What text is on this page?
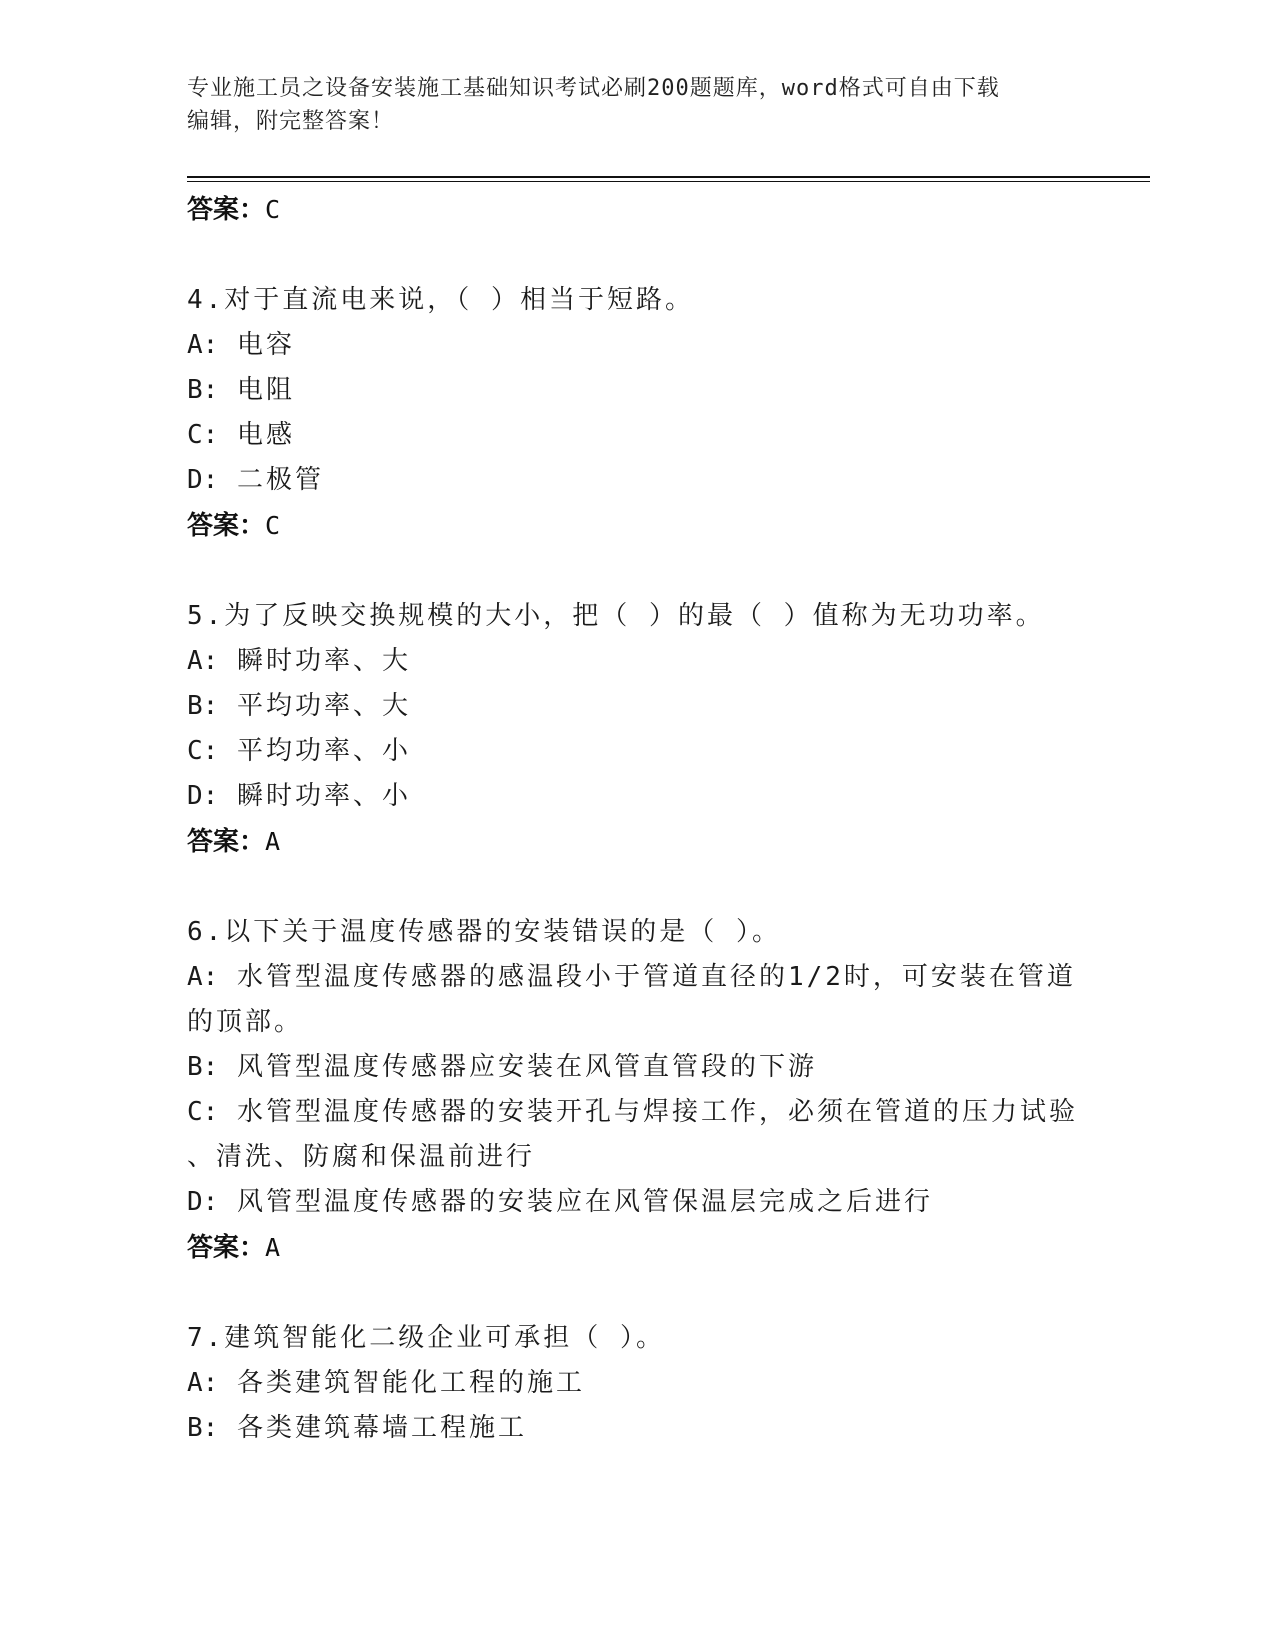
专业施工员之设备安装施工基础知识考试必刷200题题库，word格式可自由下载
编辑，附完整答案！

答案：C

4.对于直流电来说，（ ）相当于短路。

A: 电容

B: 电阻

C: 电感

D: 二极管

答案：C

5.为了反映交换规模的大小，把（ ）的最（ ）值称为无功功率。

A: 瞬时功率、大

B: 平均功率、大

C: 平均功率、小

D: 瞬时功率、小

答案：A

6.以下关于温度传感器的安装错误的是（ ）。

A: 水管型温度传感器的感温段小于管道直径的1/2时，可安装在管道

的顶部。

B: 风管型温度传感器应安装在风管直管段的下游

C: 水管型温度传感器的安装开孔与焊接工作，必须在管道的压力试验

、清洗、防腐和保温前进行

D: 风管型温度传感器的安装应在风管保温层完成之后进行

答案：A

7.建筑智能化二级企业可承担（ ）。

A: 各类建筑智能化工程的施工

B: 各类建筑幕墙工程施工
